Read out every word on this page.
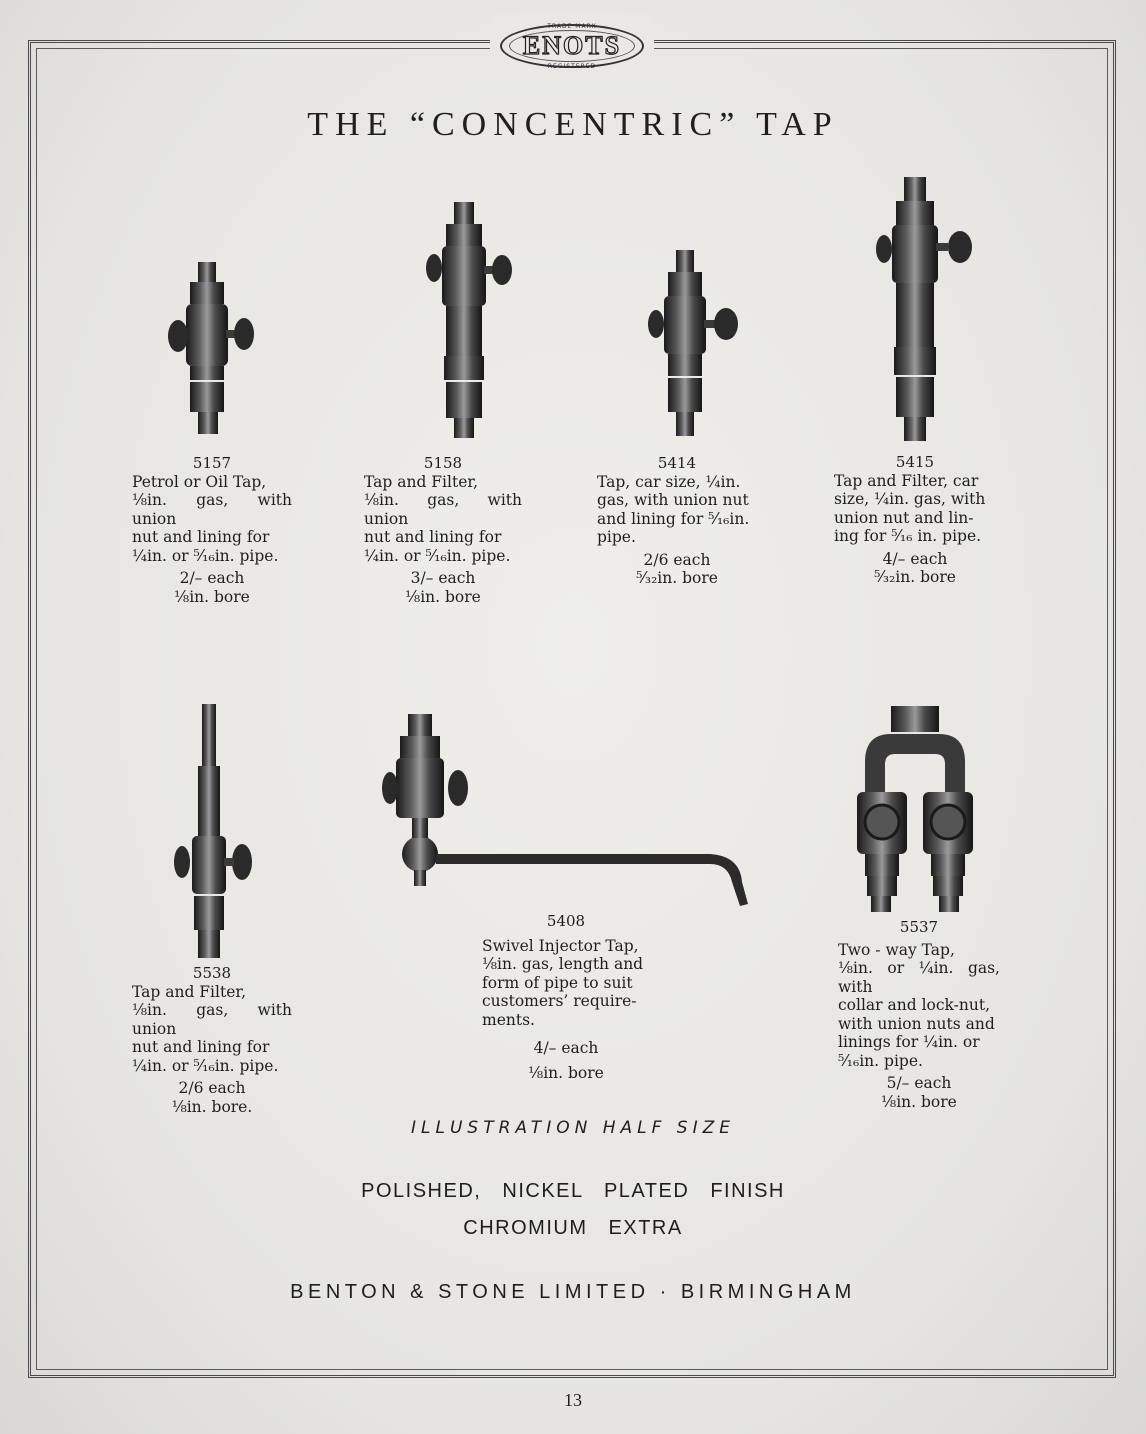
TRADE MARK
ENOTS
REGISTERED
THE “CONCENTRIC” TAP
5157
Petrol or Oil Tap,
⅛in. gas, with union
nut and lining for
¼in. or ⁵⁄₁₆in. pipe.
2/– each
⅛in. bore
5158
Tap and Filter,
⅛in. gas, with union
nut and lining for
¼in. or ⁵⁄₁₆in. pipe.
3/– each
⅛in. bore
5414
Tap, car size, ¼in.
gas, with union nut
and lining for ⁵⁄₁₆in.
pipe.
2/6 each
⁵⁄₃₂in. bore
5415
Tap and Filter, car
size, ¼in. gas, with
union nut and lin-
ing for ⁵⁄₁₆ in. pipe.
4/– each
⁵⁄₃₂in. bore
5538
Tap and Filter,
⅛in. gas, with union
nut and lining for
¼in. or ⁵⁄₁₆in. pipe.
2/6 each
⅛in. bore.
5408
Swivel Injector Tap,
⅛in. gas, length and
form of pipe to suit
customers’ require-
ments.
4/– each
⅛in. bore
5537
Two - way Tap,
⅛in. or ¼in. gas, with
collar and lock-nut,
with union nuts and
linings for ¼in. or
⁵⁄₁₆in. pipe.
5/– each
⅛in. bore
ILLUSTRATION HALF SIZE
POLISHED, NICKEL PLATED FINISH
CHROMIUM EXTRA
BENTON & STONE LIMITED · BIRMINGHAM
13
